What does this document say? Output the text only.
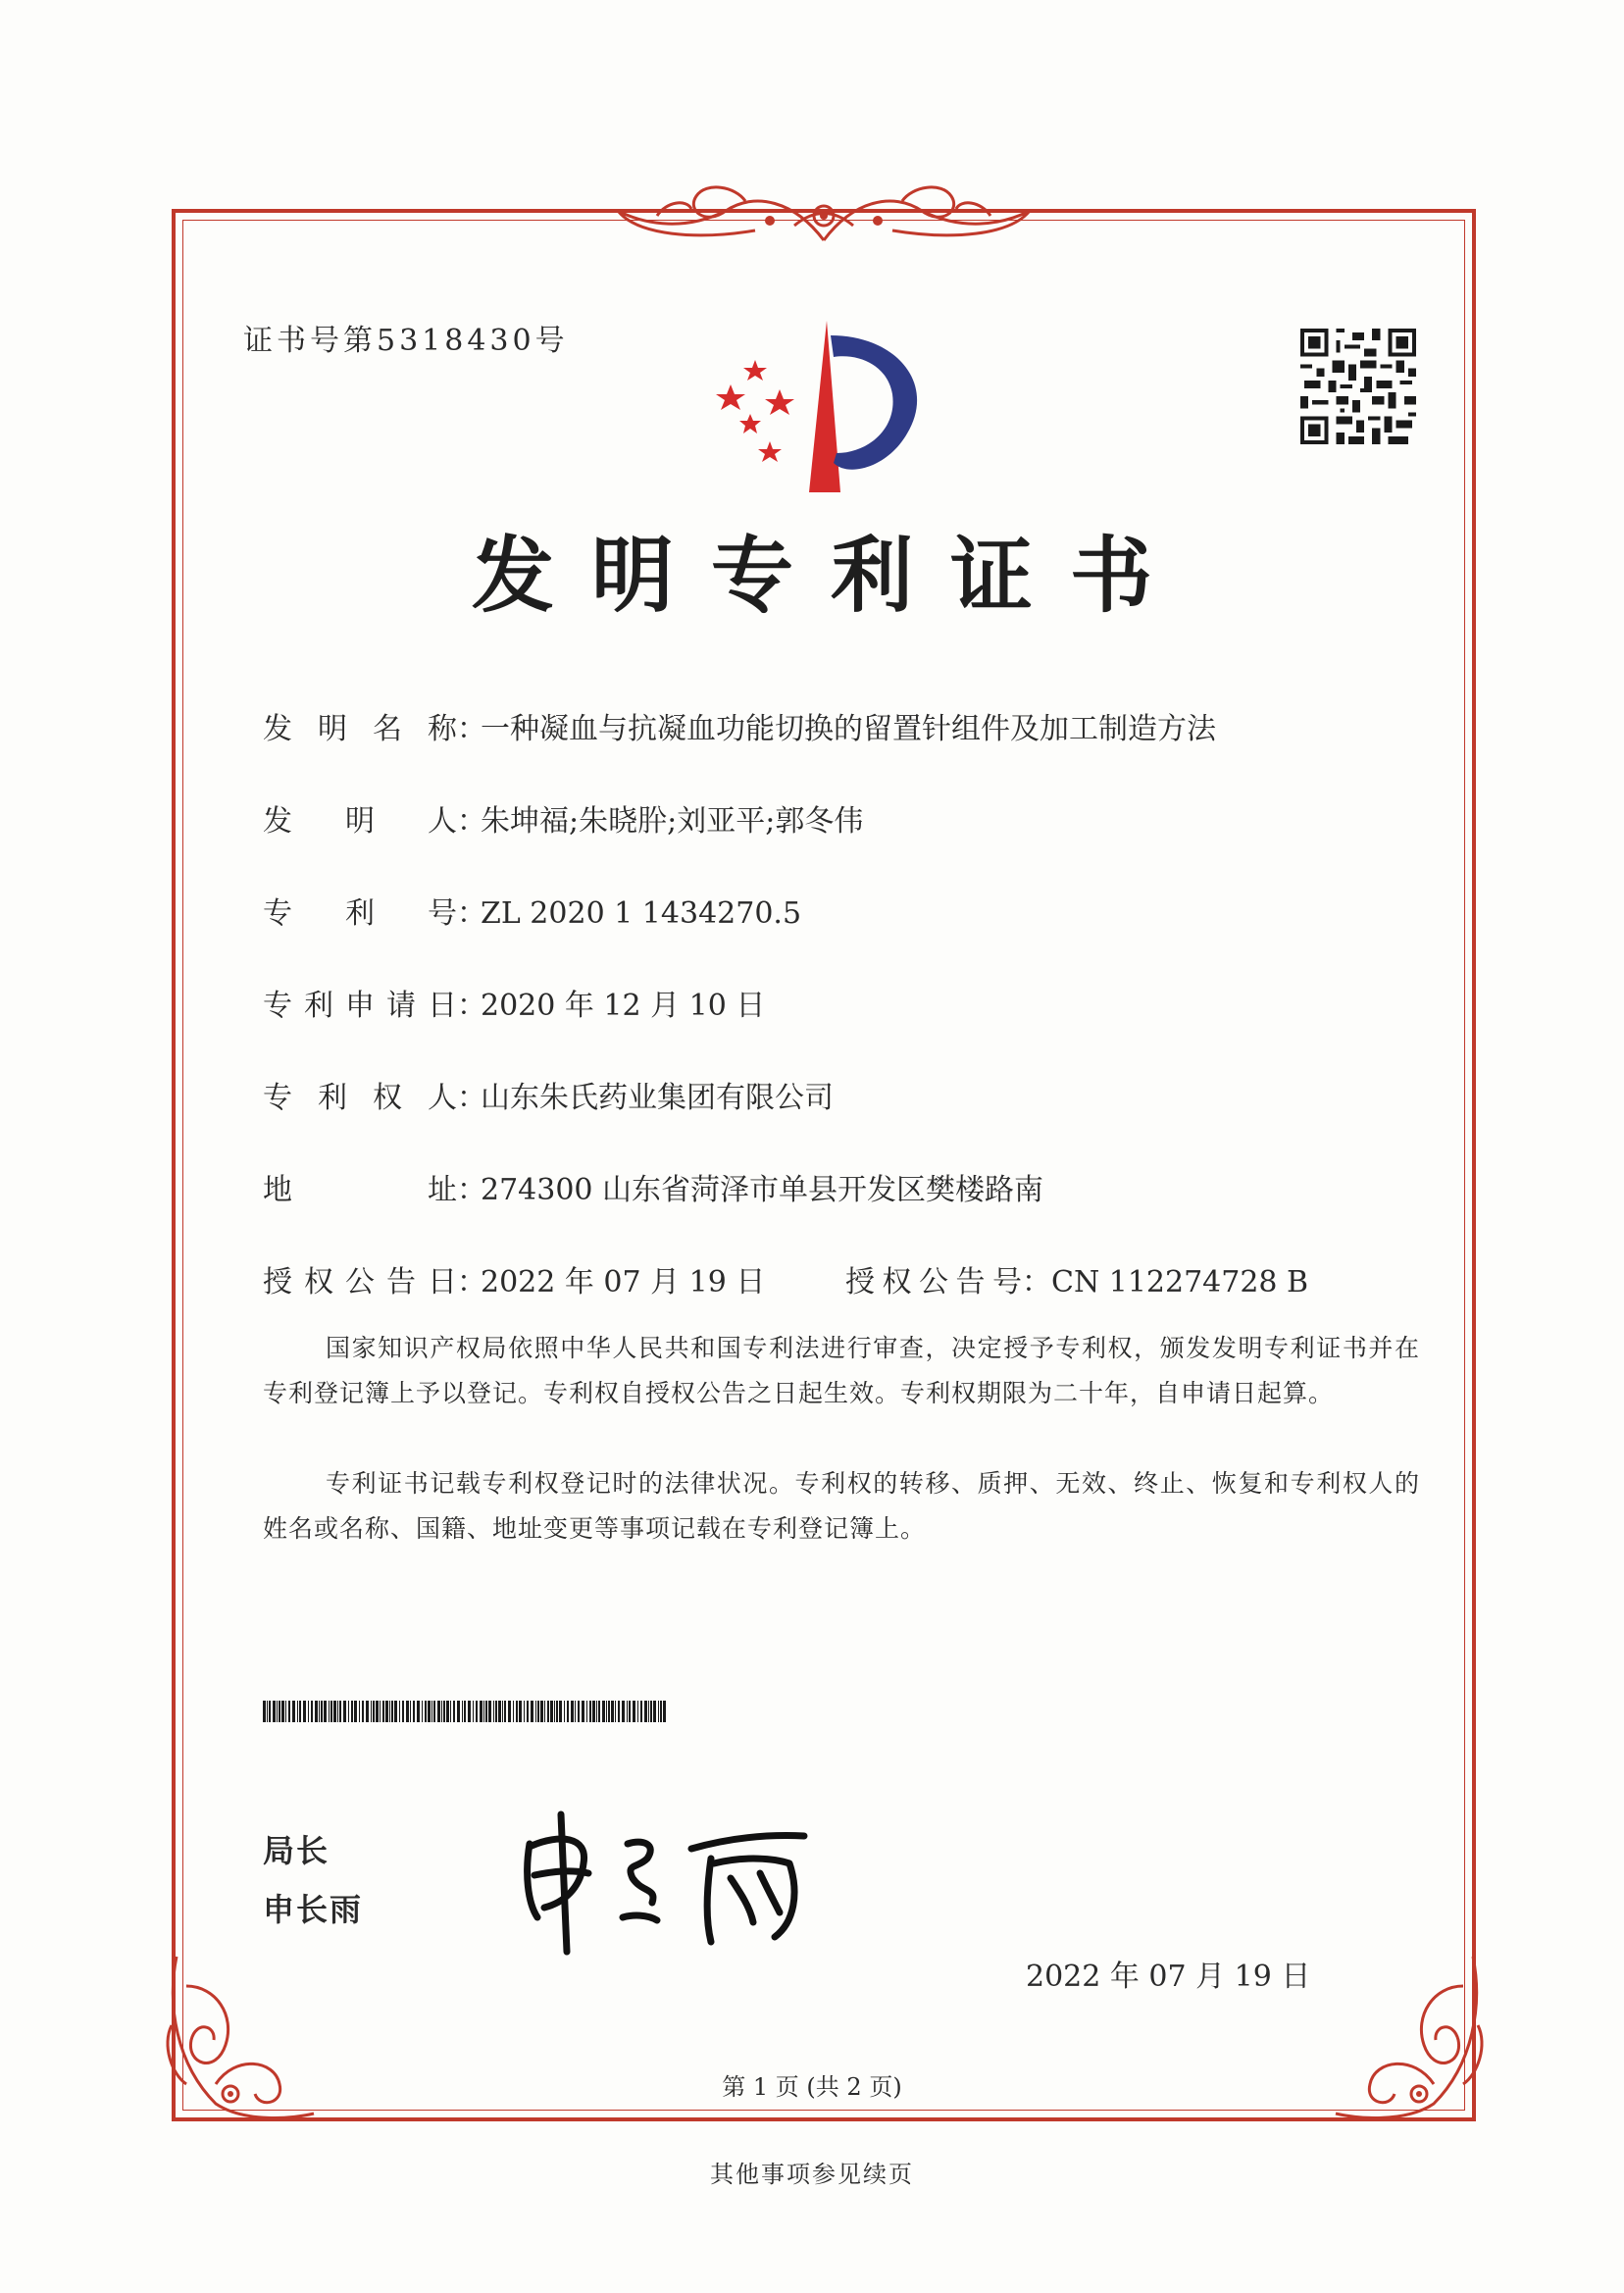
证书号第5318430号
发明专利证书
发明名称：一种凝血与抗凝血功能切换的留置针组件及加工制造方法
发明人：朱坤福;朱晓肸;刘亚平;郭冬伟
专利号：ZL 2020 1 1434270.5
专利申请日：2020 年 12 月 10 日
专利权人：山东朱氏药业集团有限公司
地址：274300 山东省菏泽市单县开发区樊楼路南
授权公告日：2022 年 07 月 19 日	授权公告号：CN 112274728 B
国家知识产权局依照中华人民共和国专利法进行审查，决定授予专利权，颁发发明专利证书并在专利登记簿上予以登记。专利权自授权公告之日起生效。专利权期限为二十年，自申请日起算。
专利证书记载专利权登记时的法律状况。专利权的转移、质押、无效、终止、恢复和专利权人的姓名或名称、国籍、地址变更等事项记载在专利登记簿上。
局长
申长雨
2022 年 07 月 19 日
第 1 页 (共 2 页)
其他事项参见续页
